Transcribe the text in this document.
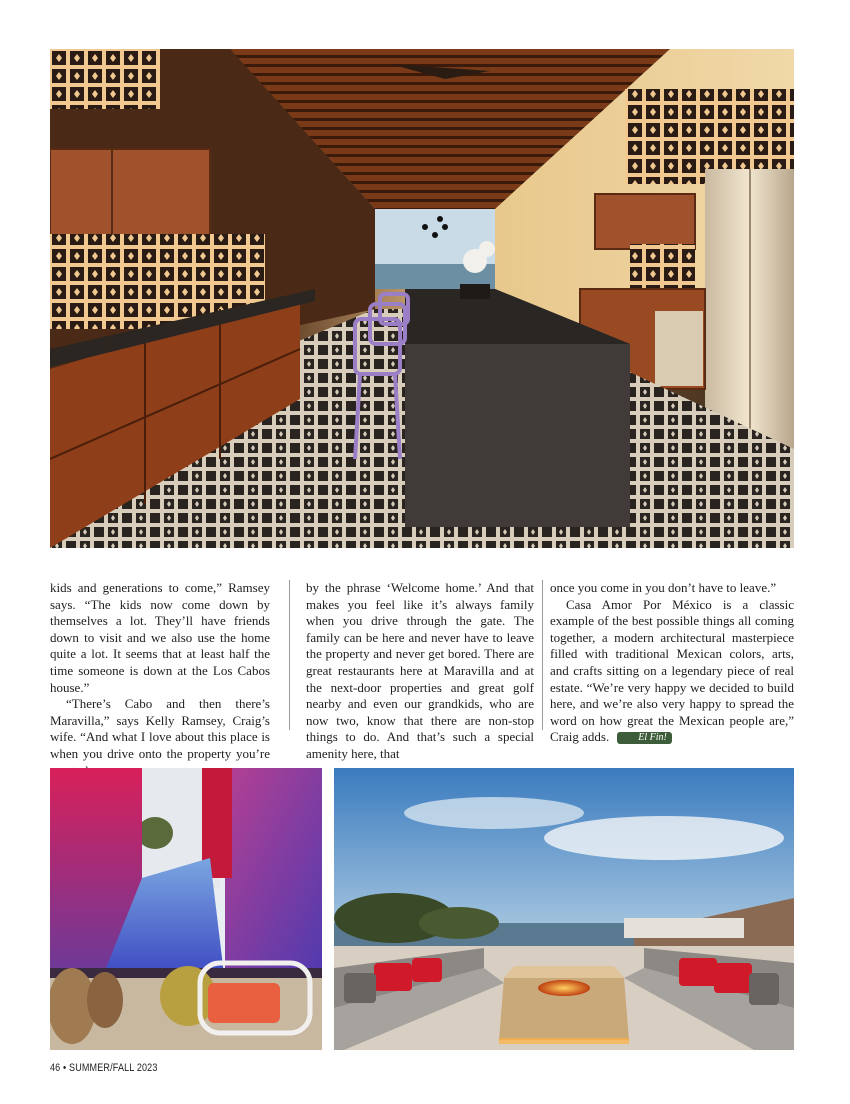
kids and generations to come,” Ramsey says. “The kids now come down by themselves a lot. They’ll have friends down to visit and we also use the home quite a lot. It seems that at least half the time someone is down at the Los Cabos house.”

“There’s Cabo and then there’s Maravilla,” says Kelly Ramsey, Craig’s wife. “And what I love about this place is when you drive onto the property you’re

by the phrase ‘Welcome home.’ And that makes you feel like it’s always family when you drive through the gate. The family can be here and never have to leave the property and never get bored. There are great restaurants here at Maravilla and at the next-door properties and great golf nearby and even our grandkids, who are now two, know that there are non-stop things to do. And that’s such a special amenity here, that

once you come in you don’t have to leave.”

Casa Amor Por México is a classic example of the best possible things all coming together, a modern architectural masterpiece filled with traditional Mexican colors, arts, and crafts sitting on a legendary piece of real estate. “We’re very happy we decided to build here, and we’re also very happy to spread the word on how great the Mexican people are,” Craig adds.	El Fin!

46 • SUMMER/FALL 2023
